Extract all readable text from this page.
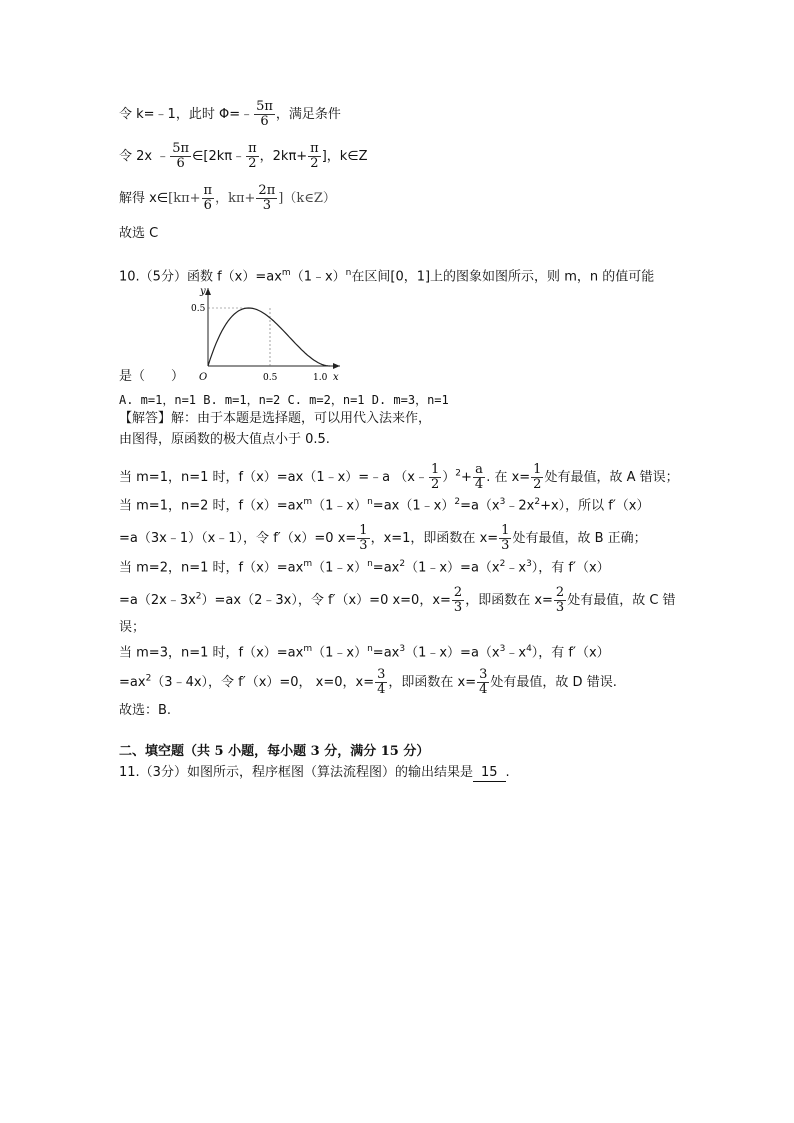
令 k=﹣1，此时 Φ=﹣ $\frac{5\pi}{6}$ ，满足条件
令 2x ﹣ $\frac{5\pi}{6}$ ∈[2kπ﹣ $\frac{\pi}{2}$ ，$2k\pi+ \frac{\pi}{2}$ ]，k∈Z
解得 x∈[kπ+ $\frac{\pi}{6}$ ，$k\pi+ \frac{2\pi}{3}$ ]（k∈Z）
故选 C
10.（5分）函数 $f(x)=ax^m(1﹣x)^n$在区间[0，1]上的图象如图所示，则 m，n 的值可能
y
0.5
O	0.5	1.0 x
是（　　）
A. m=1，n=1 B. m=1，n=2 C. m=2，n=1 D. m=3，n=1
【解答】解：由于本题是选择题，可以用代入法来作，
由图得，原函数的极大值点小于 0.5.
当 m=1，n=1 时，f（x）=ax（1﹣x）=﹣a （x﹣ $\frac{1}{2} )^2+ \frac{a}{4}$ . 在 $x= \frac{1}{2}$ 处有最值，故 A 错误；
当 m=1，n=2 时，$f(x)=ax^m(1﹣x)^n=ax(1﹣x)^2=a(x^3﹣2x^2+x)$，所以 f′（x）
=a（3x﹣1）（x﹣1），令 f′（x）=0 $x= \frac{1}{3}$ ，x=1，即函数在 $x= \frac{1}{3}$ 处有最值，故 B 正确；
当 m=2，n=1 时，$f(x)=ax^m(1﹣x)^n=ax^2(1﹣x)=a(x^2﹣x^3)$，有 f′（x）
$=a(2x﹣3x^2)=ax(2﹣3x)$，令 f′（x）=0 x=0，$x= \frac{2}{3}$ ，即函数在 $x= \frac{2}{3}$ 处有最值，故 C 错
误；
当 m=3，n=1 时，$f(x)=ax^m(1﹣x)^n=ax^3(1﹣x)=a(x^3﹣x^4)$，有 f′（x）
$=ax^2(3﹣4x)$，令 f′（x）=0， x=0，$x= \frac{3}{4}$ ，即函数在 $x= \frac{3}{4}$ 处有最值，故 D 错误.
故选：B.
二、填空题（共 5 小题，每小题 3 分，满分 15 分）
11.（3分）如图所示，程序框图（算法流程图）的输出结果是 15 .
